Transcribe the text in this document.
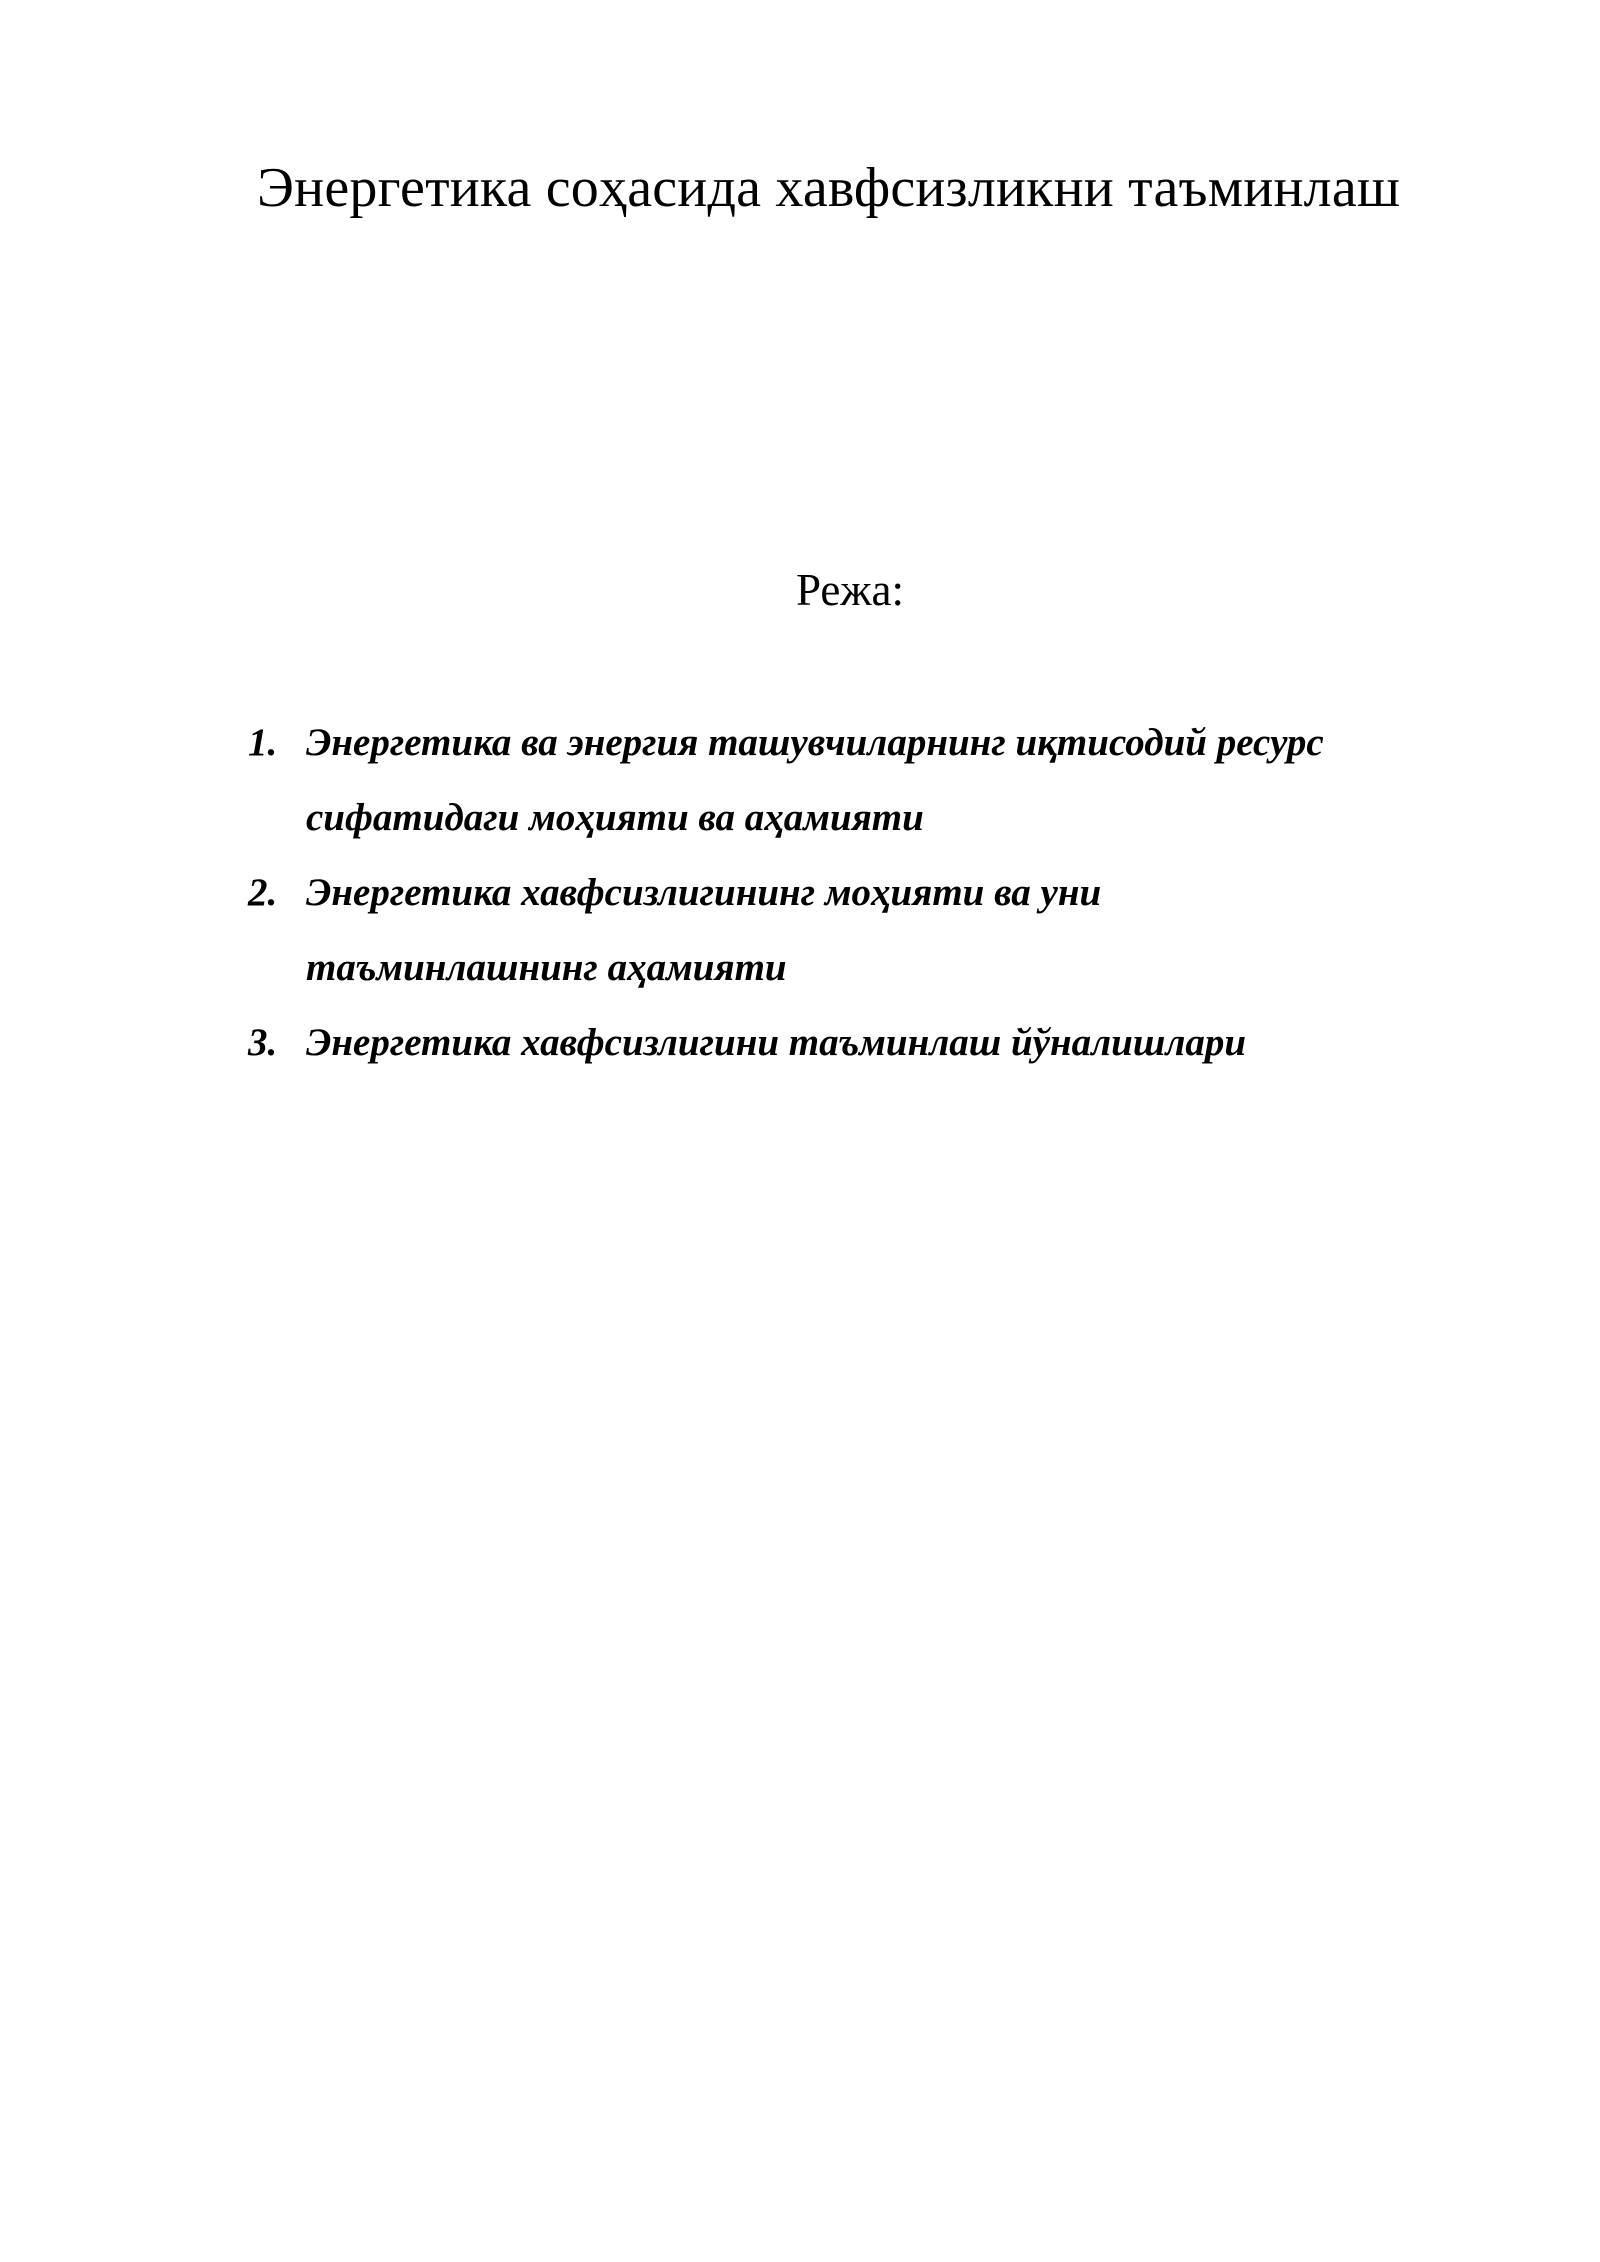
Энергетика соҳасида хавфсизликни таъминлаш
Режа:
1. Энергетика ва энергия ташувчиларнинг иқтисодий ресурс
сифатидаги моҳияти ва аҳамияти
2. Энергетика хавфсизлигининг моҳияти ва уни
таъминлашнинг аҳамияти
3. Энергетика хавфсизлигини таъминлаш йўналишлари
